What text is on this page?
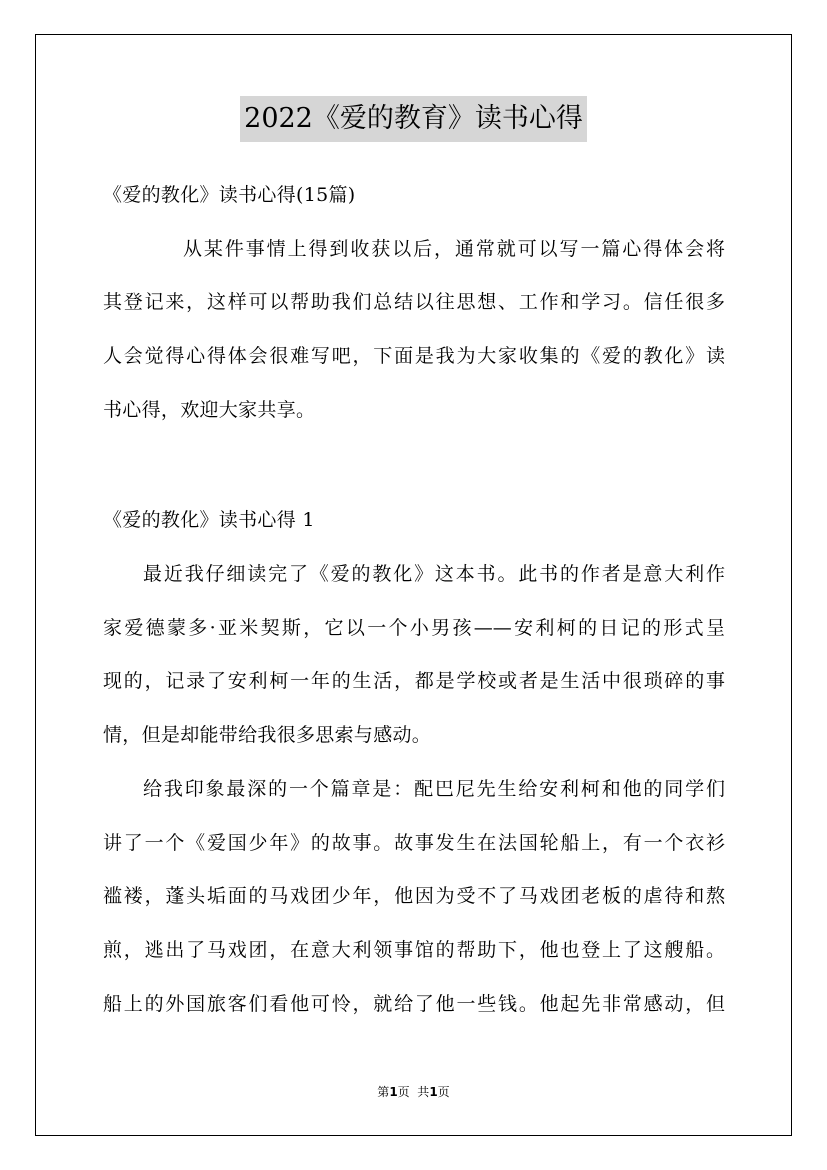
2022《爱的教育》读书心得
《爱的教化》读书心得(15篇)
从某件事情上得到收获以后，通常就可以写一篇心得体会将
其登记来，这样可以帮助我们总结以往思想、工作和学习。信任很多
人会觉得心得体会很难写吧，下面是我为大家收集的《爱的教化》读
书心得，欢迎大家共享。
《爱的教化》读书心得 1
最近我仔细读完了《爱的教化》这本书。此书的作者是意大利作
家爱德蒙多·亚米契斯，它以一个小男孩——安利柯的日记的形式呈
现的，记录了安利柯一年的生活，都是学校或者是生活中很琐碎的事
情，但是却能带给我很多思索与感动。
给我印象最深的一个篇章是：配巴尼先生给安利柯和他的同学们
讲了一个《爱国少年》的故事。故事发生在法国轮船上，有一个衣衫
褴褛，蓬头垢面的马戏团少年，他因为受不了马戏团老板的虐待和熬
煎，逃出了马戏团，在意大利领事馆的帮助下，他也登上了这艘船。
船上的外国旅客们看他可怜，就给了他一些钱。他起先非常感动，但
第1页  共1页
